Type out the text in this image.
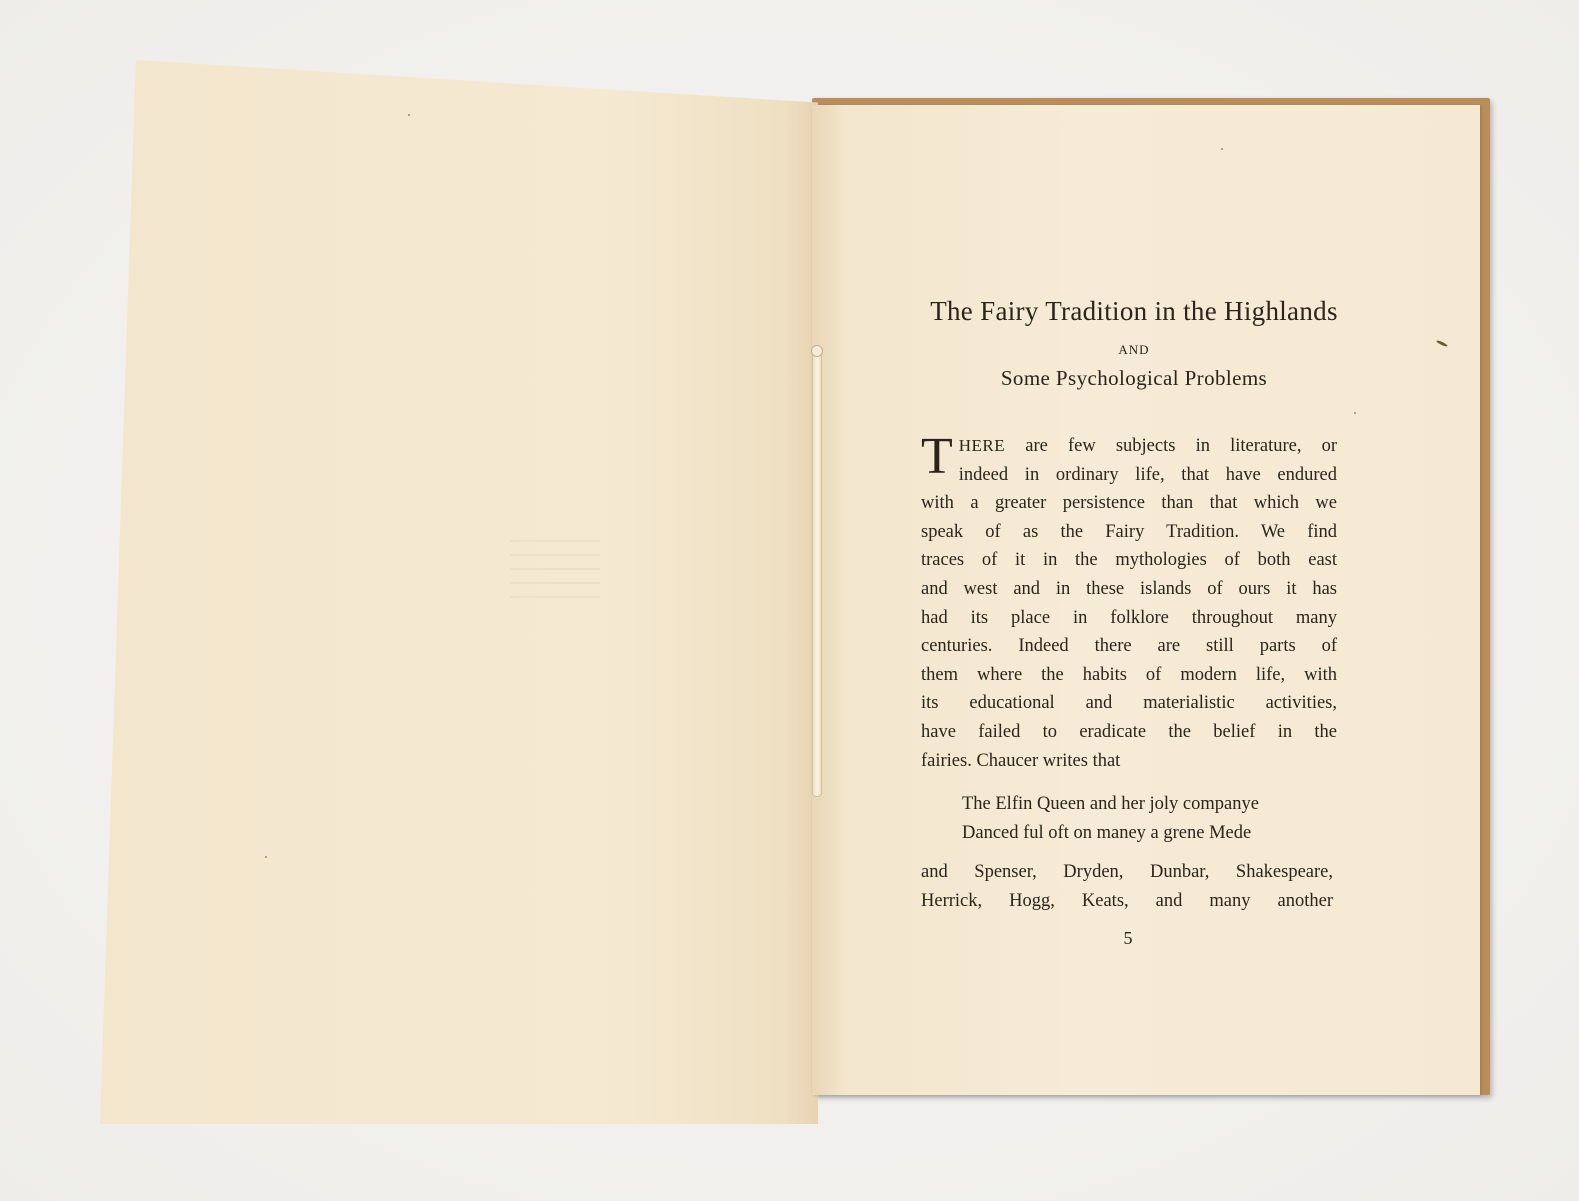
The Fairy Tradition in the Highlands
AND
Some Psychological Problems
T HERE are few subjects in literature, or
indeed in ordinary life, that have endured
with a greater persistence than that which we
speak of as the Fairy Tradition. We find
traces of it in the mythologies of both east
and west and in these islands of ours it has
had its place in folklore throughout many
centuries. Indeed there are still parts of
them where the habits of modern life, with
its educational and materialistic activities,
have failed to eradicate the belief in the
fairies. Chaucer writes that
The Elfin Queen and her joly companye
Danced ful oft on maney a grene Mede
and Spenser, Dryden, Dunbar, Shakespeare,
Herrick, Hogg, Keats, and many another
5
